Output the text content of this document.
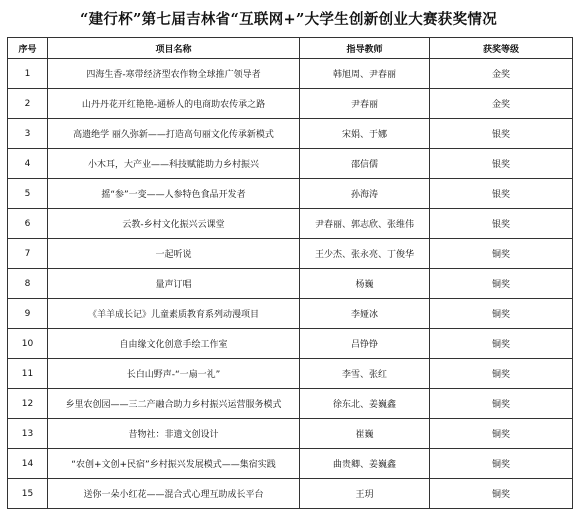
“建行杯”第七届吉林省“互联网+”大学生创新创业大赛获奖情况
序号	项目名称	指导教师	获奖等级
1	四海生香-寒带经济型农作物全球推广领导者	韩旭周、尹春丽	金奖
2	山丹丹花开红艳艳-通桥人的电商助农传承之路	尹春丽	金奖
3	高遗绝学 丽久弥新——打造高句丽文化传承新模式	宋娟、于娜	银奖
4	小木耳，大产业——科技赋能助力乡村振兴	邵信儒	银奖
5	摇“参”一变——人参特色食品开发者	孙海涛	银奖
6	云教-乡村文化振兴云课堂	尹春丽、郭志欣、张维伟	银奖
7	一起听说	王少杰、张永亮、丁俊华	铜奖
8	量声订唱	杨巍	铜奖
9	《羊羊成长记》儿童素质教育系列动漫项目	李娅冰	铜奖
10	自由缘文化创意手绘工作室	吕铮铮	铜奖
11	长白山野声-“一扇一礼”	李雪、张红	铜奖
12	乡里农创园——三二产融合助力乡村振兴运营服务模式	徐东北、姜巍鑫	铜奖
13	昔物社：非遗文创设计	崔巍	铜奖
14	“农创+文创+民宿”乡村振兴发展模式——集宿实践	曲贵卿、姜巍鑫	铜奖
15	送你一朵小红花——混合式心理互助成长平台	王玥	铜奖
